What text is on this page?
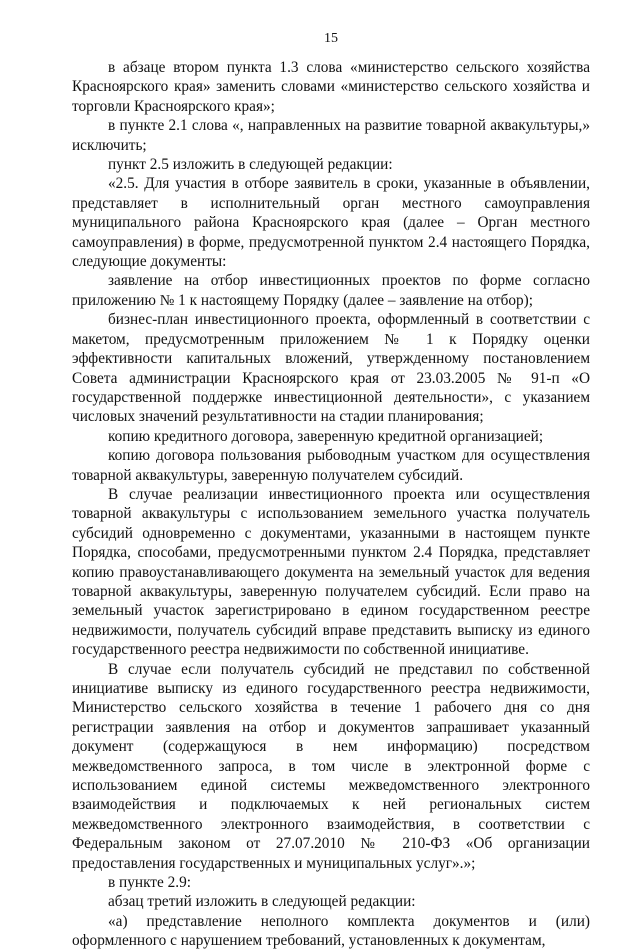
15

в абзаце втором пункта 1.3 слова «министерство сельского хозяйства Красноярского края» заменить словами «министерство сельского хозяйства и торговли Красноярского края»;

в пункте 2.1 слова «, направленных на развитие товарной аквакультуры,» исключить;

пункт 2.5 изложить в следующей редакции:

«2.5. Для участия в отборе заявитель в сроки, указанные в объявлении, представляет в исполнительный орган местного самоуправления муниципального района Красноярского края (далее – Орган местного самоуправления) в форме, предусмотренной пунктом 2.4 настоящего Порядка, следующие документы:

заявление на отбор инвестиционных проектов по форме согласно приложению № 1 к настоящему Порядку (далее – заявление на отбор);

бизнес-план инвестиционного проекта, оформленный в соответствии с макетом, предусмотренным приложением № 1 к Порядку оценки эффективности капитальных вложений, утвержденному постановлением Совета администрации Красноярского края от 23.03.2005 № 91-п «О государственной поддержке инвестиционной деятельности», с указанием числовых значений результативности на стадии планирования;

копию кредитного договора, заверенную кредитной организацией;

копию договора пользования рыбоводным участком для осуществления товарной аквакультуры, заверенную получателем субсидий.

В случае реализации инвестиционного проекта или осуществления товарной аквакультуры с использованием земельного участка получатель субсидий одновременно с документами, указанными в настоящем пункте Порядка, способами, предусмотренными пунктом 2.4 Порядка, представляет копию правоустанавливающего документа на земельный участок для ведения товарной аквакультуры, заверенную получателем субсидий. Если право на земельный участок зарегистрировано в едином государственном реестре недвижимости, получатель субсидий вправе представить выписку из единого государственного реестра недвижимости по собственной инициативе.

В случае если получатель субсидий не представил по собственной инициативе выписку из единого государственного реестра недвижимости, Министерство сельского хозяйства в течение 1 рабочего дня со дня регистрации заявления на отбор и документов запрашивает указанный документ (содержащуюся в нем информацию) посредством межведомственного запроса, в том числе в электронной форме с использованием единой системы межведомственного электронного взаимодействия и подключаемых к ней региональных систем межведомственного электронного взаимодействия, в соответствии с Федеральным законом от 27.07.2010 № 210-ФЗ «Об организации предоставления государственных и муниципальных услуг».»;

в пункте 2.9:

абзац третий изложить в следующей редакции:

«а) представление неполного комплекта документов и (или) оформленного с нарушением требований, установленных к документам,
